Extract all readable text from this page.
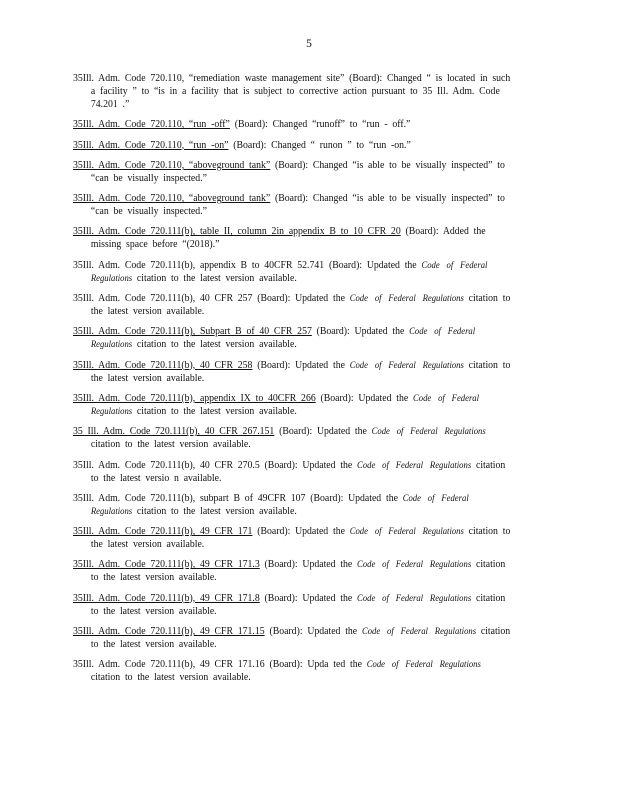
5

35Ill. Adm. Code 720.110, “remediation waste management site” (Board): Changed “ is located in such a facility ” to “is in a facility that is subject to corrective action pursuant to 35 Ill. Adm. Code 74.201 .”

35Ill. Adm. Code 720.110, “run -off” (Board): Changed “runoff” to “run - off.”

35Ill. Adm. Code 720.110, “run -on” (Board): Changed “ runon ” to “run -on.”

35Ill. Adm. Code 720.110, “aboveground tank” (Board): Changed “is able to be visually inspected” to “can be visually inspected.”

35Ill. Adm. Code 720.110, “aboveground tank” (Board): Changed “is able to be visually inspected” to “can be visually inspected.”

35Ill. Adm. Code 720.111(b), table II, column 2in appendix B to 10 CFR 20 (Board): Added the missing space before “(2018).”

35Ill. Adm. Code 720.111(b), appendix B to 40CFR 52.741 (Board): Updated the Code of Federal Regulations citation to the latest version available.

35Ill. Adm. Code 720.111(b), 40 CFR 257 (Board): Updated the Code of Federal Regulations citation to the latest version available.

35Ill. Adm. Code 720.111(b), Subpart B of 40 CFR 257 (Board): Updated the Code of Federal Regulations citation to the latest version available.

35Ill. Adm. Code 720.111(b), 40 CFR 258 (Board): Updated the Code of Federal Regulations citation to the latest version available.

35Ill. Adm. Code 720.111(b), appendix IX to 40CFR 266 (Board): Updated the Code of Federal Regulations citation to the latest version available.

35 Ill. Adm. Code 720.111(b), 40 CFR 267.151 (Board): Updated the Code of Federal Regulations citation to the latest version available.

35Ill. Adm. Code 720.111(b), 40 CFR 270.5 (Board): Updated the Code of Federal Regulations citation to the latest versio n available.

35Ill. Adm. Code 720.111(b), subpart B of 49CFR 107 (Board): Updated the Code of Federal Regulations citation to the latest version available.

35Ill. Adm. Code 720.111(b), 49 CFR 171 (Board): Updated the Code of Federal Regulations citation to the latest version available.

35Ill. Adm. Code 720.111(b), 49 CFR 171.3 (Board): Updated the Code of Federal Regulations citation to the latest version available.

35Ill. Adm. Code 720.111(b), 49 CFR 171.8 (Board): Updated the Code of Federal Regulations citation to the latest version available.

35Ill. Adm. Code 720.111(b), 49 CFR 171.15 (Board): Updated the Code of Federal Regulations citation to the latest version available.

35Ill. Adm. Code 720.111(b), 49 CFR 171.16 (Board): Upda ted the Code of Federal Regulations citation to the latest version available.
